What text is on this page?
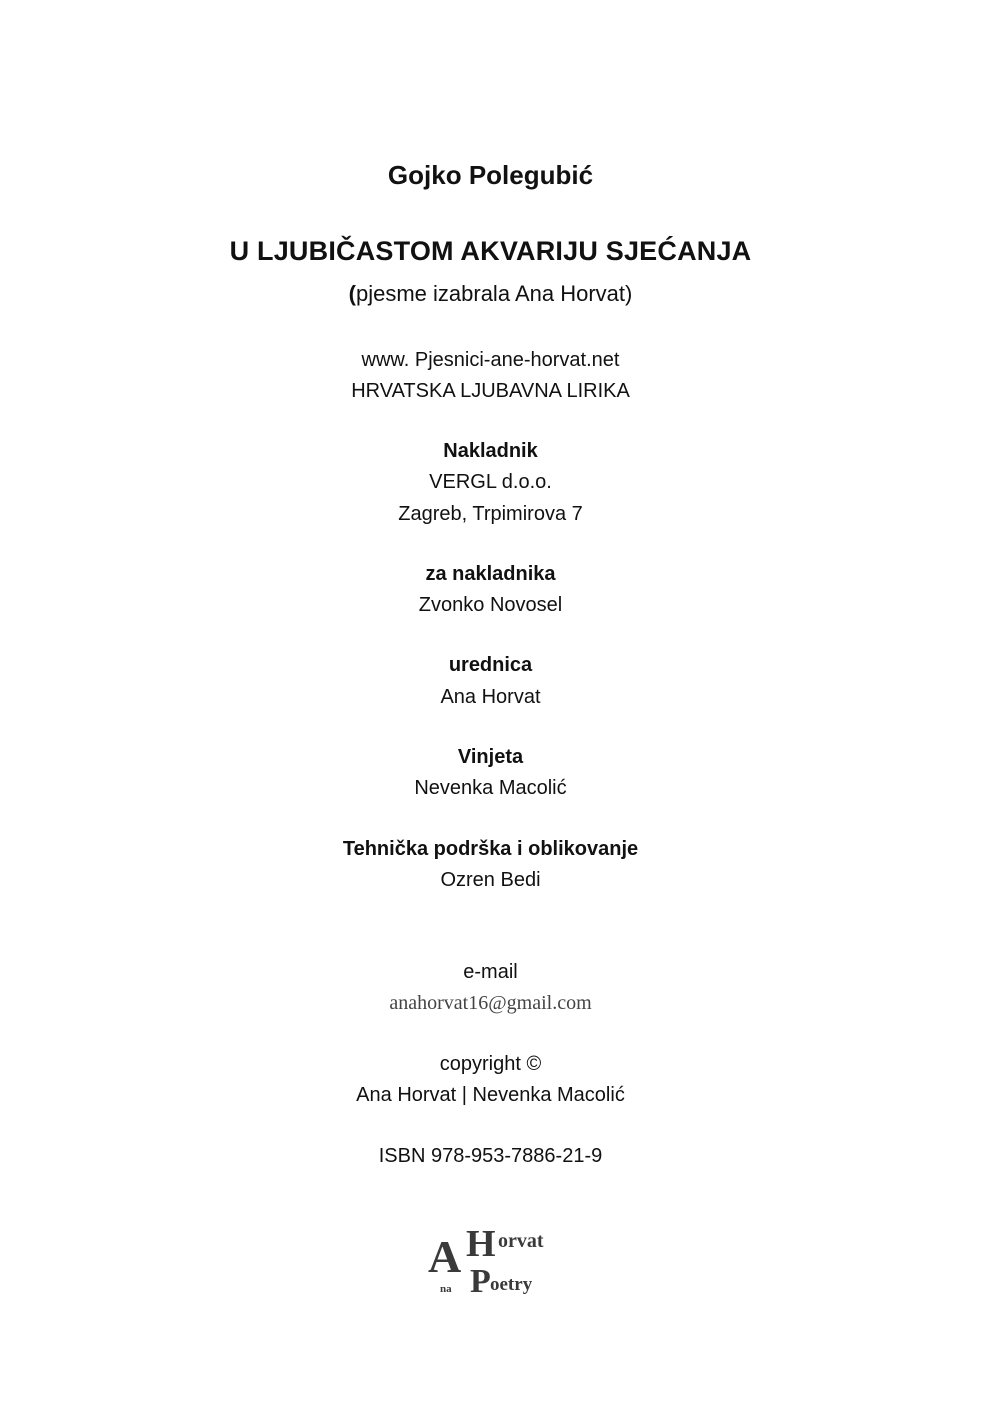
Gojko Polegubić
U LJUBIČASTOM AKVARIJU SJEĆANJA
(pjesme izabrala Ana Horvat)
www. Pjesnici-ane-horvat.net
HRVATSKA LJUBAVNA LIRIKA
Nakladnik
VERGL d.o.o.
Zagreb, Trpimirova 7
za nakladnika
Zvonko Novosel
urednica
Ana Horvat
Vinjeta
Nevenka Macolić
Tehnička podrška i oblikovanje
Ozren Bedi
e-mail
anahorvat16@gmail.com
copyright ©
Ana Horvat | Nevenka Macolić
ISBN 978-953-7886-21-9
A H orvat
P oetry
na
